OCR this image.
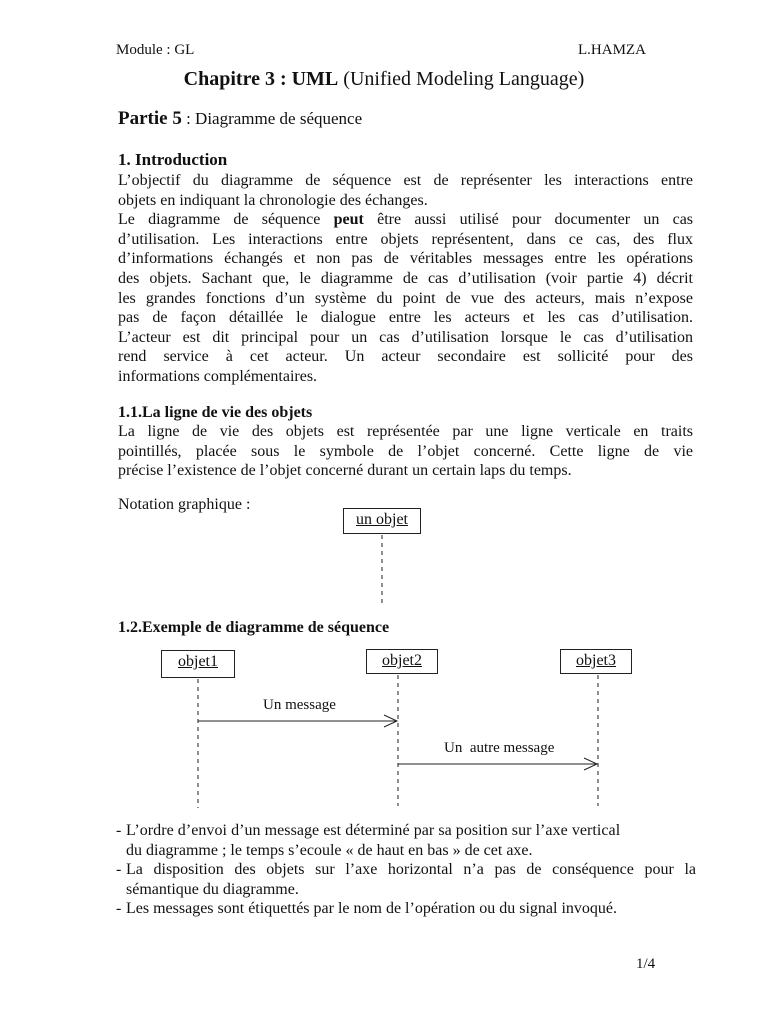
Module : GL	L.HAMZA
Chapitre 3 : UML (Unified Modeling Language)
Partie 5 : Diagramme de séquence
1. Introduction
L’objectif du diagramme de séquence est de représenter les interactions entre
objets en indiquant la chronologie des échanges.
Le diagramme de séquence peut être aussi utilisé pour documenter un cas
d’utilisation. Les interactions entre objets représentent, dans ce cas, des flux
d’informations échangés et non pas de véritables messages entre les opérations
des objets. Sachant que, le diagramme de cas d’utilisation (voir partie 4) décrit
les grandes fonctions d’un système du point de vue des acteurs, mais n’expose
pas de façon détaillée le dialogue entre les acteurs et les cas d’utilisation.
L’acteur est dit principal pour un cas d’utilisation lorsque le cas d’utilisation
rend service à cet acteur. Un acteur secondaire est sollicité pour des
informations complémentaires.
1.1.La ligne de vie des objets
La ligne de vie des objets est représentée par une ligne verticale en traits
pointillés, placée sous le symbole de l’objet concerné. Cette ligne de vie
précise l’existence de l’objet concerné durant un certain laps du temps.
Notation graphique :
un objet
1.2.Exemple de diagramme de séquence
objet1	objet2	objet3
Un message
Un  autre message
- L’ordre d’envoi d’un message est déterminé par sa position sur l’axe vertical
du diagramme ; le temps s’ecoule « de haut en bas » de cet axe.
- La disposition des objets sur l’axe horizontal n’a pas de conséquence pour la
sémantique du diagramme.
- Les messages sont étiquettés par le nom de l’opération ou du signal invoqué.
1/4
